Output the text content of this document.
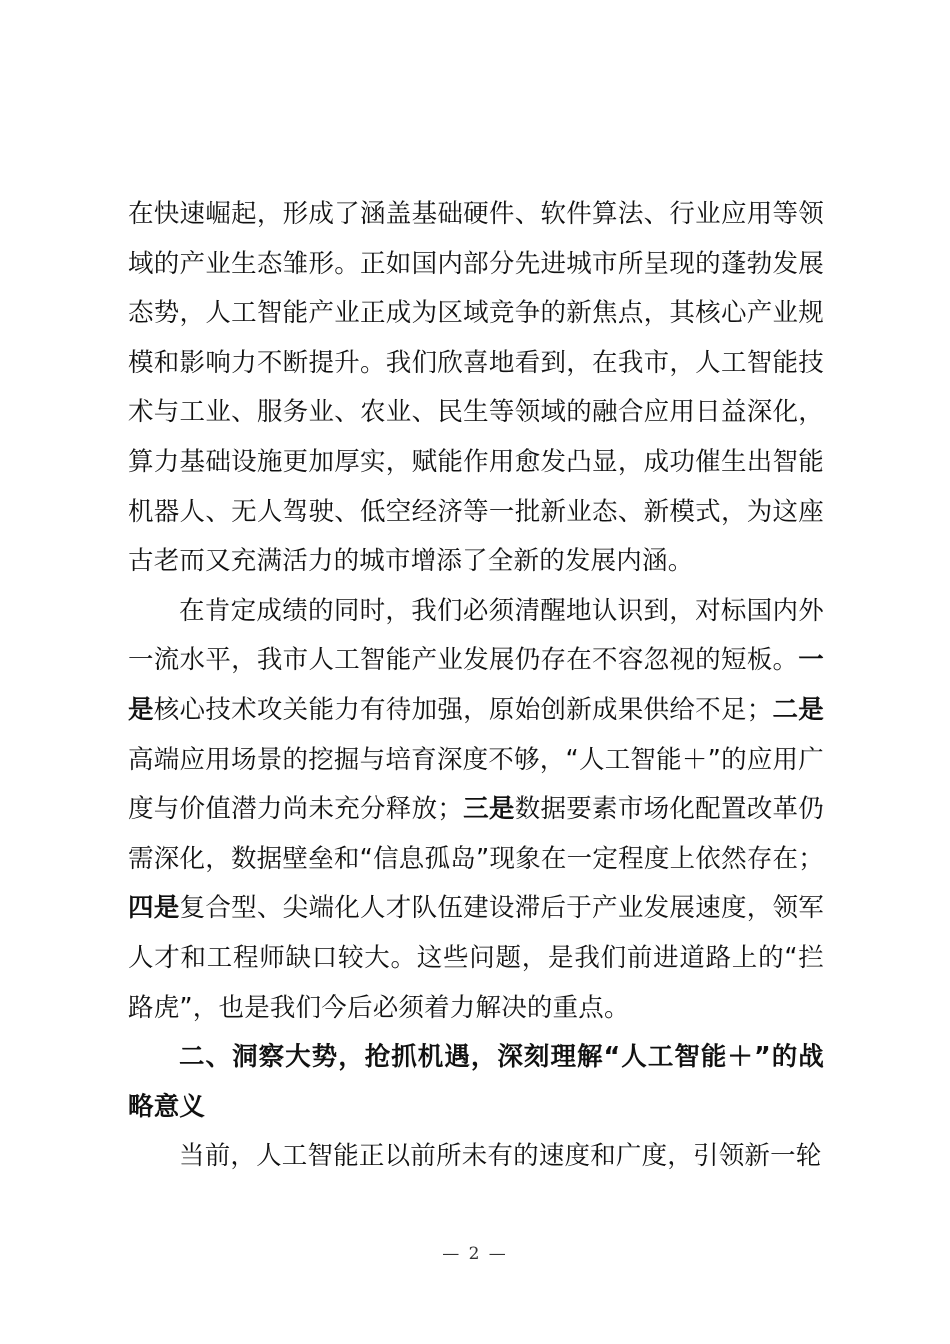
在快速崛起，形成了涵盖基础硬件、软件算法、行业应用等领域的产业生态雏形。正如国内部分先进城市所呈现的蓬勃发展态势，人工智能产业正成为区域竞争的新焦点，其核心产业规模和影响力不断提升。我们欣喜地看到，在我市，人工智能技术与工业、服务业、农业、民生等领域的融合应用日益深化，算力基础设施更加厚实，赋能作用愈发凸显，成功催生出智能机器人、无人驾驶、低空经济等一批新业态、新模式，为这座古老而又充满活力的城市增添了全新的发展内涵。

在肯定成绩的同时，我们必须清醒地认识到，对标国内外一流水平，我市人工智能产业发展仍存在不容忽视的短板。一是核心技术攻关能力有待加强，原始创新成果供给不足；二是高端应用场景的挖掘与培育深度不够，“人工智能＋”的应用广度与价值潜力尚未充分释放；三是数据要素市场化配置改革仍需深化，数据壁垒和“信息孤岛”现象在一定程度上依然存在；四是复合型、尖端化人才队伍建设滞后于产业发展速度，领军人才和工程师缺口较大。这些问题，是我们前进道路上的“拦路虎”，也是我们今后必须着力解决的重点。

二、洞察大势，抢抓机遇，深刻理解“人工智能＋”的战略意义

当前，人工智能正以前所未有的速度和广度，引领新一轮

— 2 —
